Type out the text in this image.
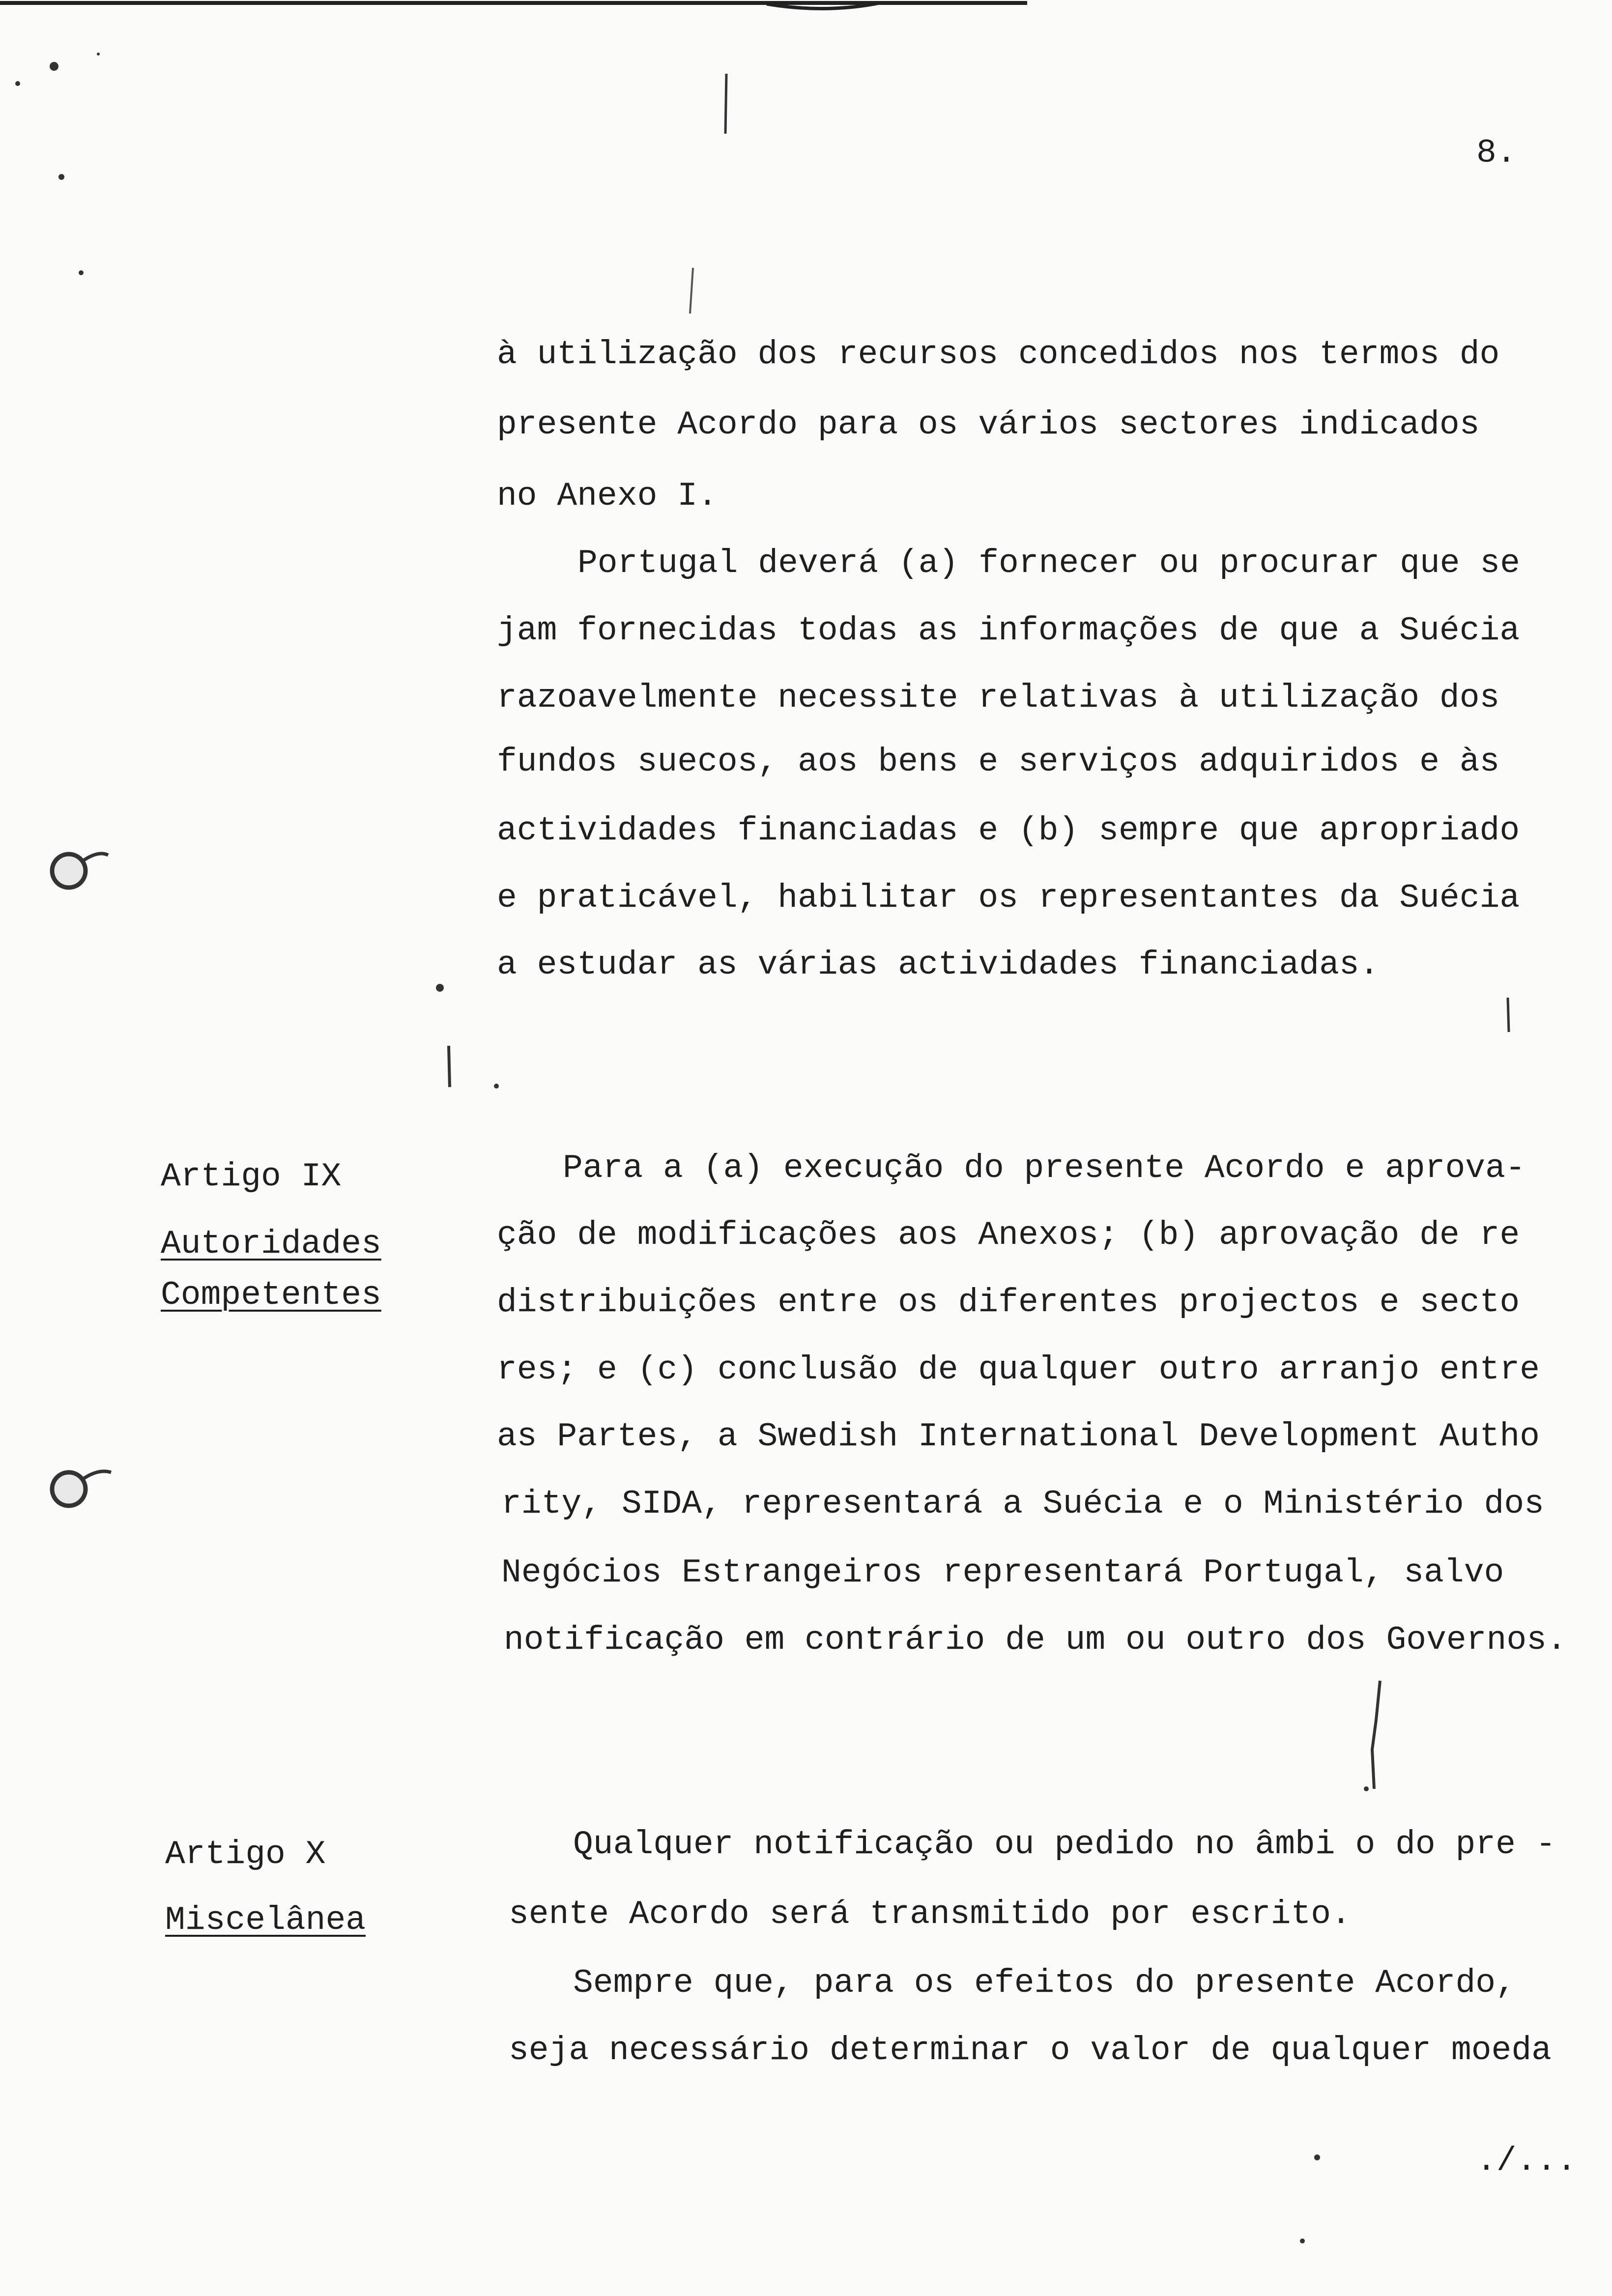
8.
à utilização dos recursos concedidos nos termos do
presente Acordo para os vários sectores indicados
no Anexo I.
Portugal deverá (a) fornecer ou procurar que se
jam fornecidas todas as informações de que a Suécia
razoavelmente necessite relativas à utilização dos
fundos suecos, aos bens e serviços adquiridos e às
actividades financiadas e (b) sempre que apropriado
e praticável, habilitar os representantes da Suécia
a estudar as várias actividades financiadas.
Artigo IX
Autoridades
Competentes
Para a (a) execução do presente Acordo e aprova-
ção de modificações aos Anexos; (b) aprovação de re
distribuições entre os diferentes projectos e secto
res; e (c) conclusão de qualquer outro arranjo entre
as Partes, a Swedish International Development Autho
rity, SIDA, representará a Suécia e o Ministério dos
Negócios Estrangeiros representará Portugal, salvo
notificação em contrário de um ou outro dos Governos.
Artigo X
Miscelânea
Qualquer notificação ou pedido no âmbi o do pre -
sente Acordo será transmitido por escrito.
Sempre que, para os efeitos do presente Acordo,
seja necessário determinar o valor de qualquer moeda
./...
